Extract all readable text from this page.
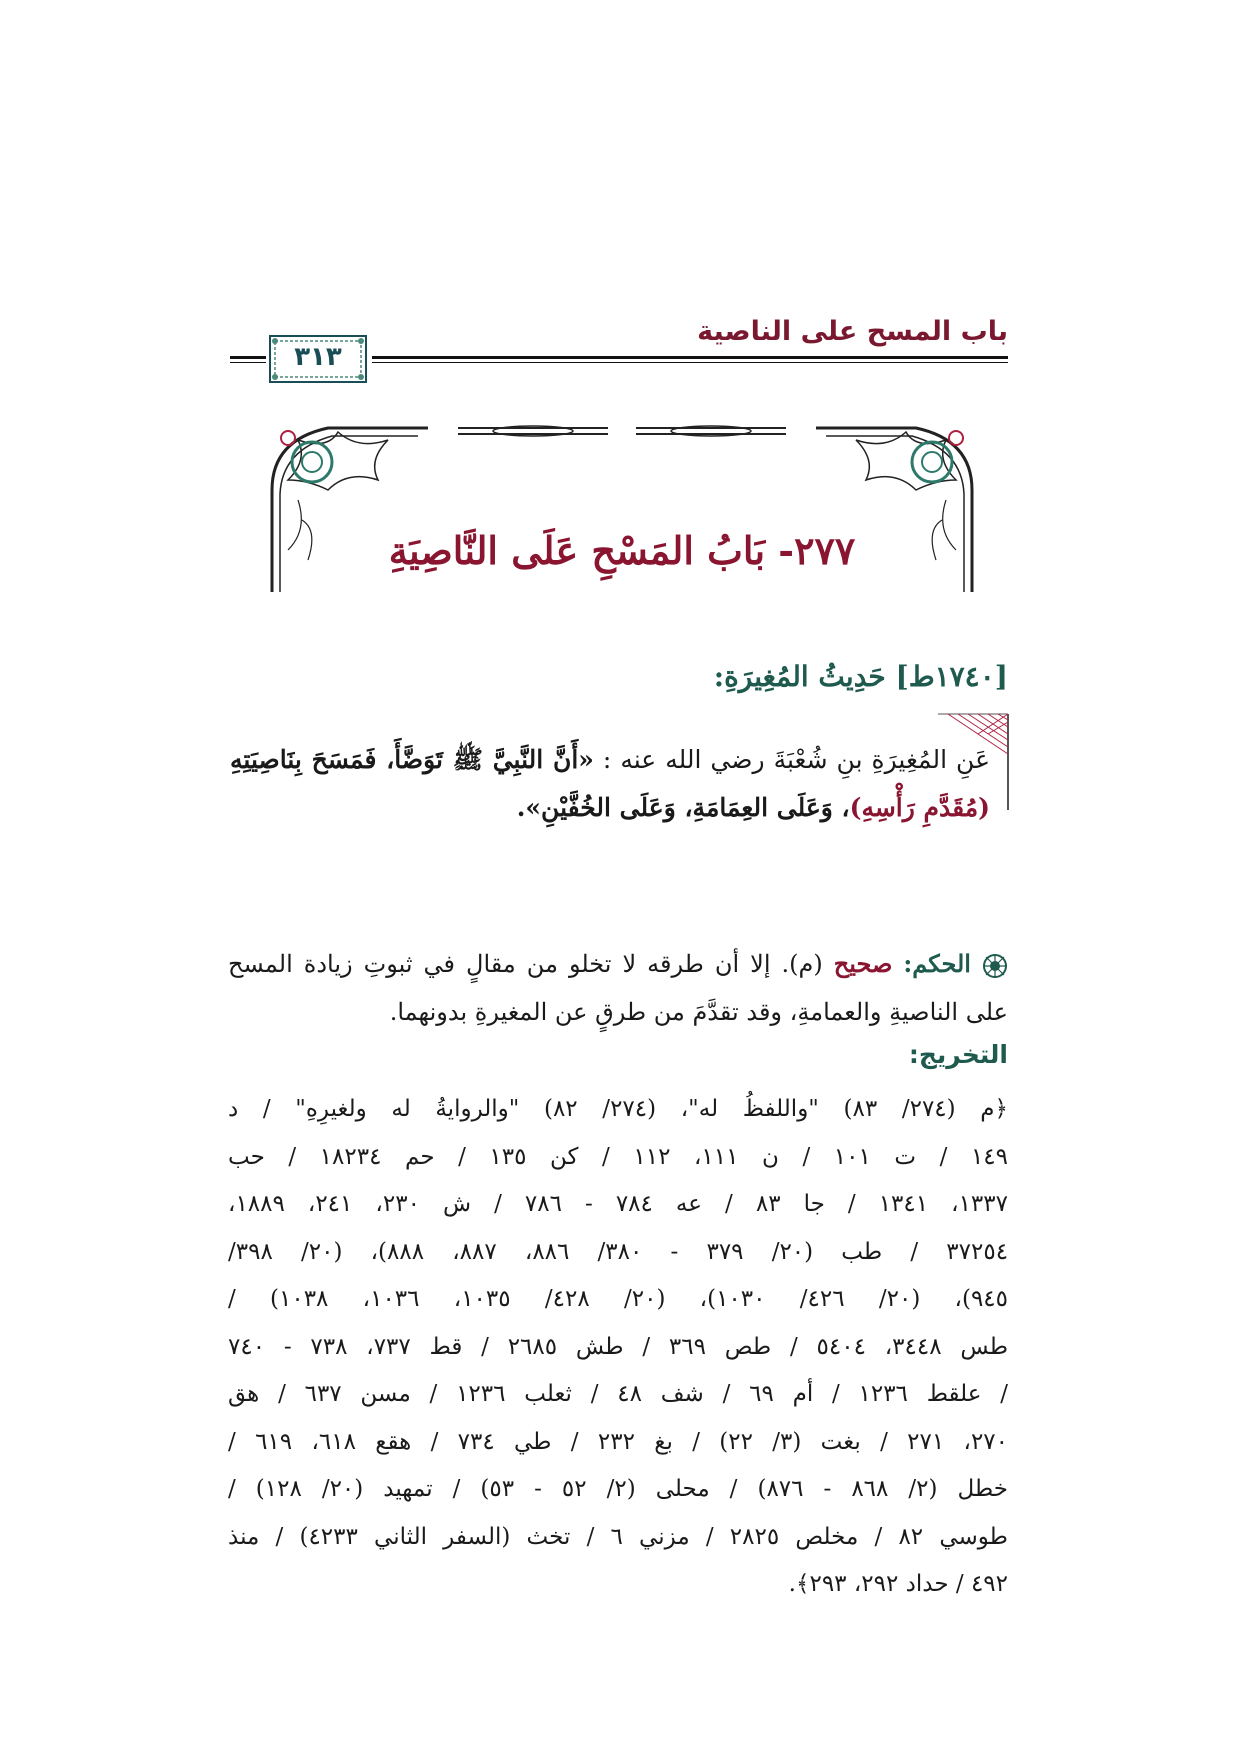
باب المسح على الناصية
٣١٣
٢٧٧- بَابُ المَسْحِ عَلَى النَّاصِيَةِ
[١٧٤٠ط] حَدِيثُ المُغِيرَةِ:
عَنِ المُغِيرَةِ بنِ شُعْبَةَ رضي الله عنه : «أَنَّ النَّبِيَّ ﷺ تَوَضَّأَ، فَمَسَحَ بِنَاصِيَتِهِ (مُقَدَّمِ رَأْسِهِ)، وَعَلَى العِمَامَةِ، وَعَلَى الخُفَّيْنِ».
الحكم: صحيح (م). إلا أن طرقه لا تخلو من مقالٍ في ثبوتِ زيادة المسح على الناصيةِ والعمامةِ، وقد تقدَّمَ من طرقٍ عن المغيرةِ بدونهما.
التخريج:
﴿م (٢٧٤/ ٨٣) "واللفظُ له"، (٢٧٤/ ٨٢) "والروايةُ له ولغيرِهِ" / د
١٤٩ / ت ١٠١ / ن ١١١، ١١٢ / كن ١٣٥ / حم ١٨٢٣٤ / حب
١٣٣٧، ١٣٤١ / جا ٨٣ / عه ٧٨٤ - ٧٨٦ / ش ٢٣٠، ٢٤١، ١٨٨٩،
٣٧٢٥٤ / طب (٢٠/ ٣٧٩ - ٣٨٠/ ٨٨٦، ٨٨٧، ٨٨٨)، (٢٠/ ٣٩٨/
٩٤٥)، (٢٠/ ٤٢٦/ ١٠٣٠)، (٢٠/ ٤٢٨/ ١٠٣٥، ١٠٣٦، ١٠٣٨) /
طس ٣٤٤٨، ٥٤٠٤ / طص ٣٦٩ / طش ٢٦٨٥ / قط ٧٣٧، ٧٣٨ - ٧٤٠
/ علقط ١٢٣٦ / أم ٦٩ / شف ٤٨ / ثعلب ١٢٣٦ / مسن ٦٣٧ / هق
٢٧٠، ٢٧١ / بغت (٣/ ٢٢) / بغ ٢٣٢ / طي ٧٣٤ / هقع ٦١٨، ٦١٩ /
خطل (٢/ ٨٦٨ - ٨٧٦) / محلى (٢/ ٥٢ - ٥٣) / تمهيد (٢٠/ ١٢٨) /
طوسي ٨٢ / مخلص ٢٨٢٥ / مزني ٦ / تخث (السفر الثاني ٤٢٣٣) / منذ
٤٩٢ / حداد ٢٩٢، ٢٩٣﴾.
